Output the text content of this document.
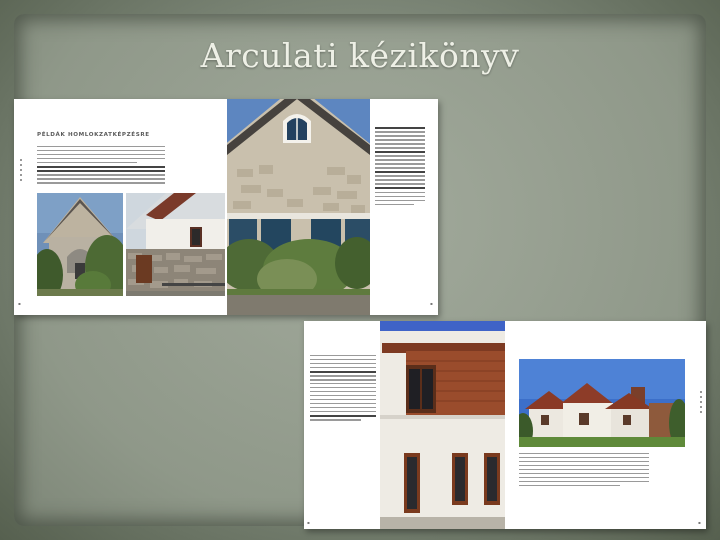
Arculati kézikönyv
PÉLDÁK HOMLOKZATKÉPZÉSRE
▪	▪
▪	▪
